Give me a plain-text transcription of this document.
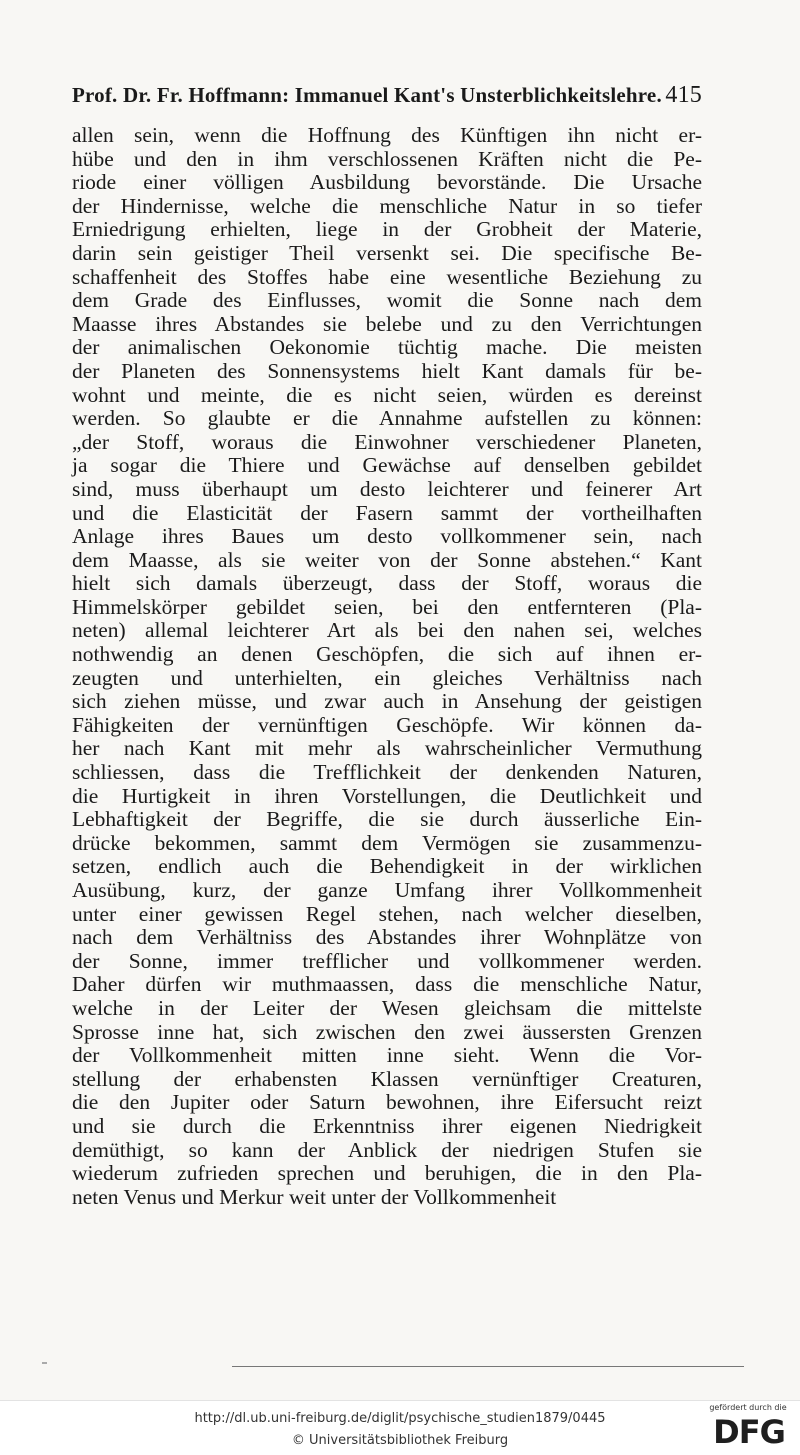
Prof. Dr. Fr. Hoffmann: Immanuel Kant's Unsterblichkeitslehre. 415
allen sein, wenn die Hoffnung des Künftigen ihn nicht er-
hübe und den in ihm verschlossenen Kräften nicht die Pe-
riode einer völligen Ausbildung bevorstände. Die Ursache
der Hindernisse, welche die menschliche Natur in so tiefer
Erniedrigung erhielten, liege in der Grobheit der Materie,
darin sein geistiger Theil versenkt sei. Die specifische Be-
schaffenheit des Stoffes habe eine wesentliche Beziehung zu
dem Grade des Einflusses, womit die Sonne nach dem
Maasse ihres Abstandes sie belebe und zu den Verrichtungen
der animalischen Oekonomie tüchtig mache. Die meisten
der Planeten des Sonnensystems hielt Kant damals für be-
wohnt und meinte, die es nicht seien, würden es dereinst
werden. So glaubte er die Annahme aufstellen zu können:
„der Stoff, woraus die Einwohner verschiedener Planeten,
ja sogar die Thiere und Gewächse auf denselben gebildet
sind, muss überhaupt um desto leichterer und feinerer Art
und die Elasticität der Fasern sammt der vortheilhaften
Anlage ihres Baues um desto vollkommener sein, nach
dem Maasse, als sie weiter von der Sonne abstehen.“ Kant
hielt sich damals überzeugt, dass der Stoff, woraus die
Himmelskörper gebildet seien, bei den entfernteren (Pla-
neten) allemal leichterer Art als bei den nahen sei, welches
nothwendig an denen Geschöpfen, die sich auf ihnen er-
zeugten und unterhielten, ein gleiches Verhältniss nach
sich ziehen müsse, und zwar auch in Ansehung der geistigen
Fähigkeiten der vernünftigen Geschöpfe. Wir können da-
her nach Kant mit mehr als wahrscheinlicher Vermuthung
schliessen, dass die Trefflichkeit der denkenden Naturen,
die Hurtigkeit in ihren Vorstellungen, die Deutlichkeit und
Lebhaftigkeit der Begriffe, die sie durch äusserliche Ein-
drücke bekommen, sammt dem Vermögen sie zusammenzu-
setzen, endlich auch die Behendigkeit in der wirklichen
Ausübung, kurz, der ganze Umfang ihrer Vollkommenheit
unter einer gewissen Regel stehen, nach welcher dieselben,
nach dem Verhältniss des Abstandes ihrer Wohnplätze von
der Sonne, immer trefflicher und vollkommener werden.
Daher dürfen wir muthmaassen, dass die menschliche Natur,
welche in der Leiter der Wesen gleichsam die mittelste
Sprosse inne hat, sich zwischen den zwei äussersten Grenzen
der Vollkommenheit mitten inne sieht. Wenn die Vor-
stellung der erhabensten Klassen vernünftiger Creaturen,
die den Jupiter oder Saturn bewohnen, ihre Eifersucht reizt
und sie durch die Erkenntniss ihrer eigenen Niedrigkeit
demüthigt, so kann der Anblick der niedrigen Stufen sie
wiederum zufrieden sprechen und beruhigen, die in den Pla-
neten Venus und Merkur weit unter der Vollkommenheit
http://dl.ub.uni-freiburg.de/diglit/psychische_studien1879/0445
© Universitätsbibliothek Freiburg
gefördert durch die
DFG
